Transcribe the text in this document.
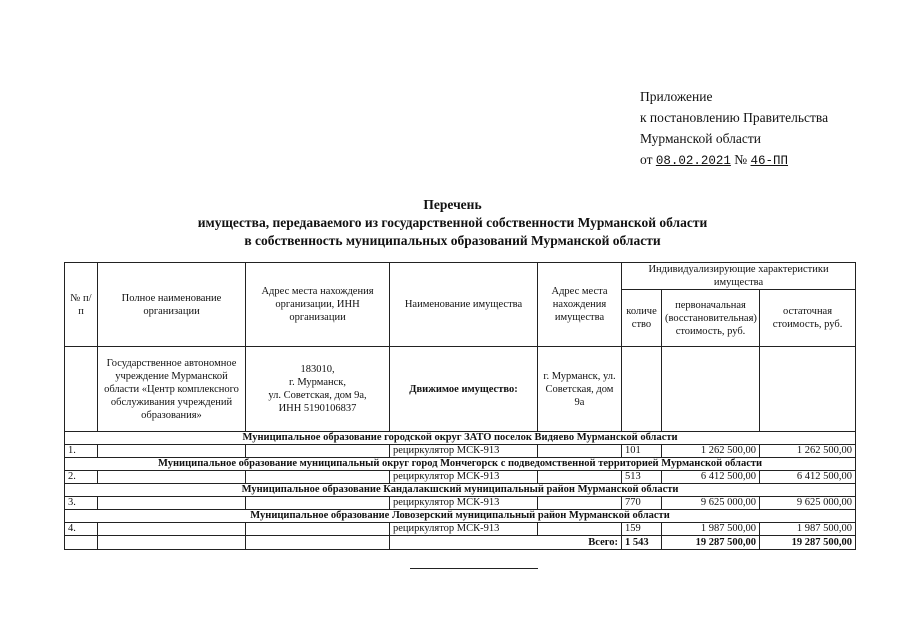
Приложение
к постановлению Правительства
Мурманской области
от 08.02.2021 № 46-ПП
Перечень
имущества, передаваемого из государственной собственности Мурманской области
в собственность муниципальных образований Мурманской области
№ п/п	Полное наименование организации	Адрес места нахождения организации, ИНН организации	Наименование имущества	Адрес места нахождения имущества	Индивидуализирующие характеристики имущества		
					количество	первоначальная (восстановительная) стоимость, руб.	остаточная стоимость, руб.
	Государственное автономное учреждение Мурманской области «Центр комплексного обслуживания учреждений образования»	183010,
г. Мурманск,
ул. Советская, дом 9а,
ИНН 5190106837	Движимое имущество:	г. Мурманск, ул. Советская, дом 9а			
Муниципальное образование городской округ ЗАТО поселок Видяево Мурманской области							
1.			рециркулятор МСК-913		101	1 262 500,00	1 262 500,00
Муниципальное образование муниципальный округ город Мончегорск с подведомственной территорией Мурманской области							
2.			рециркулятор МСК-913		513	6 412 500,00	6 412 500,00
Муниципальное образование Кандалакшский муниципальный район Мурманской области							
3.			рециркулятор МСК-913		770	9 625 000,00	9 625 000,00
Муниципальное образование Ловозерский муниципальный район Мурманской области							
4.			рециркулятор МСК-913		159	1 987 500,00	1 987 500,00
			Всего:		1 543	19 287 500,00	19 287 500,00
